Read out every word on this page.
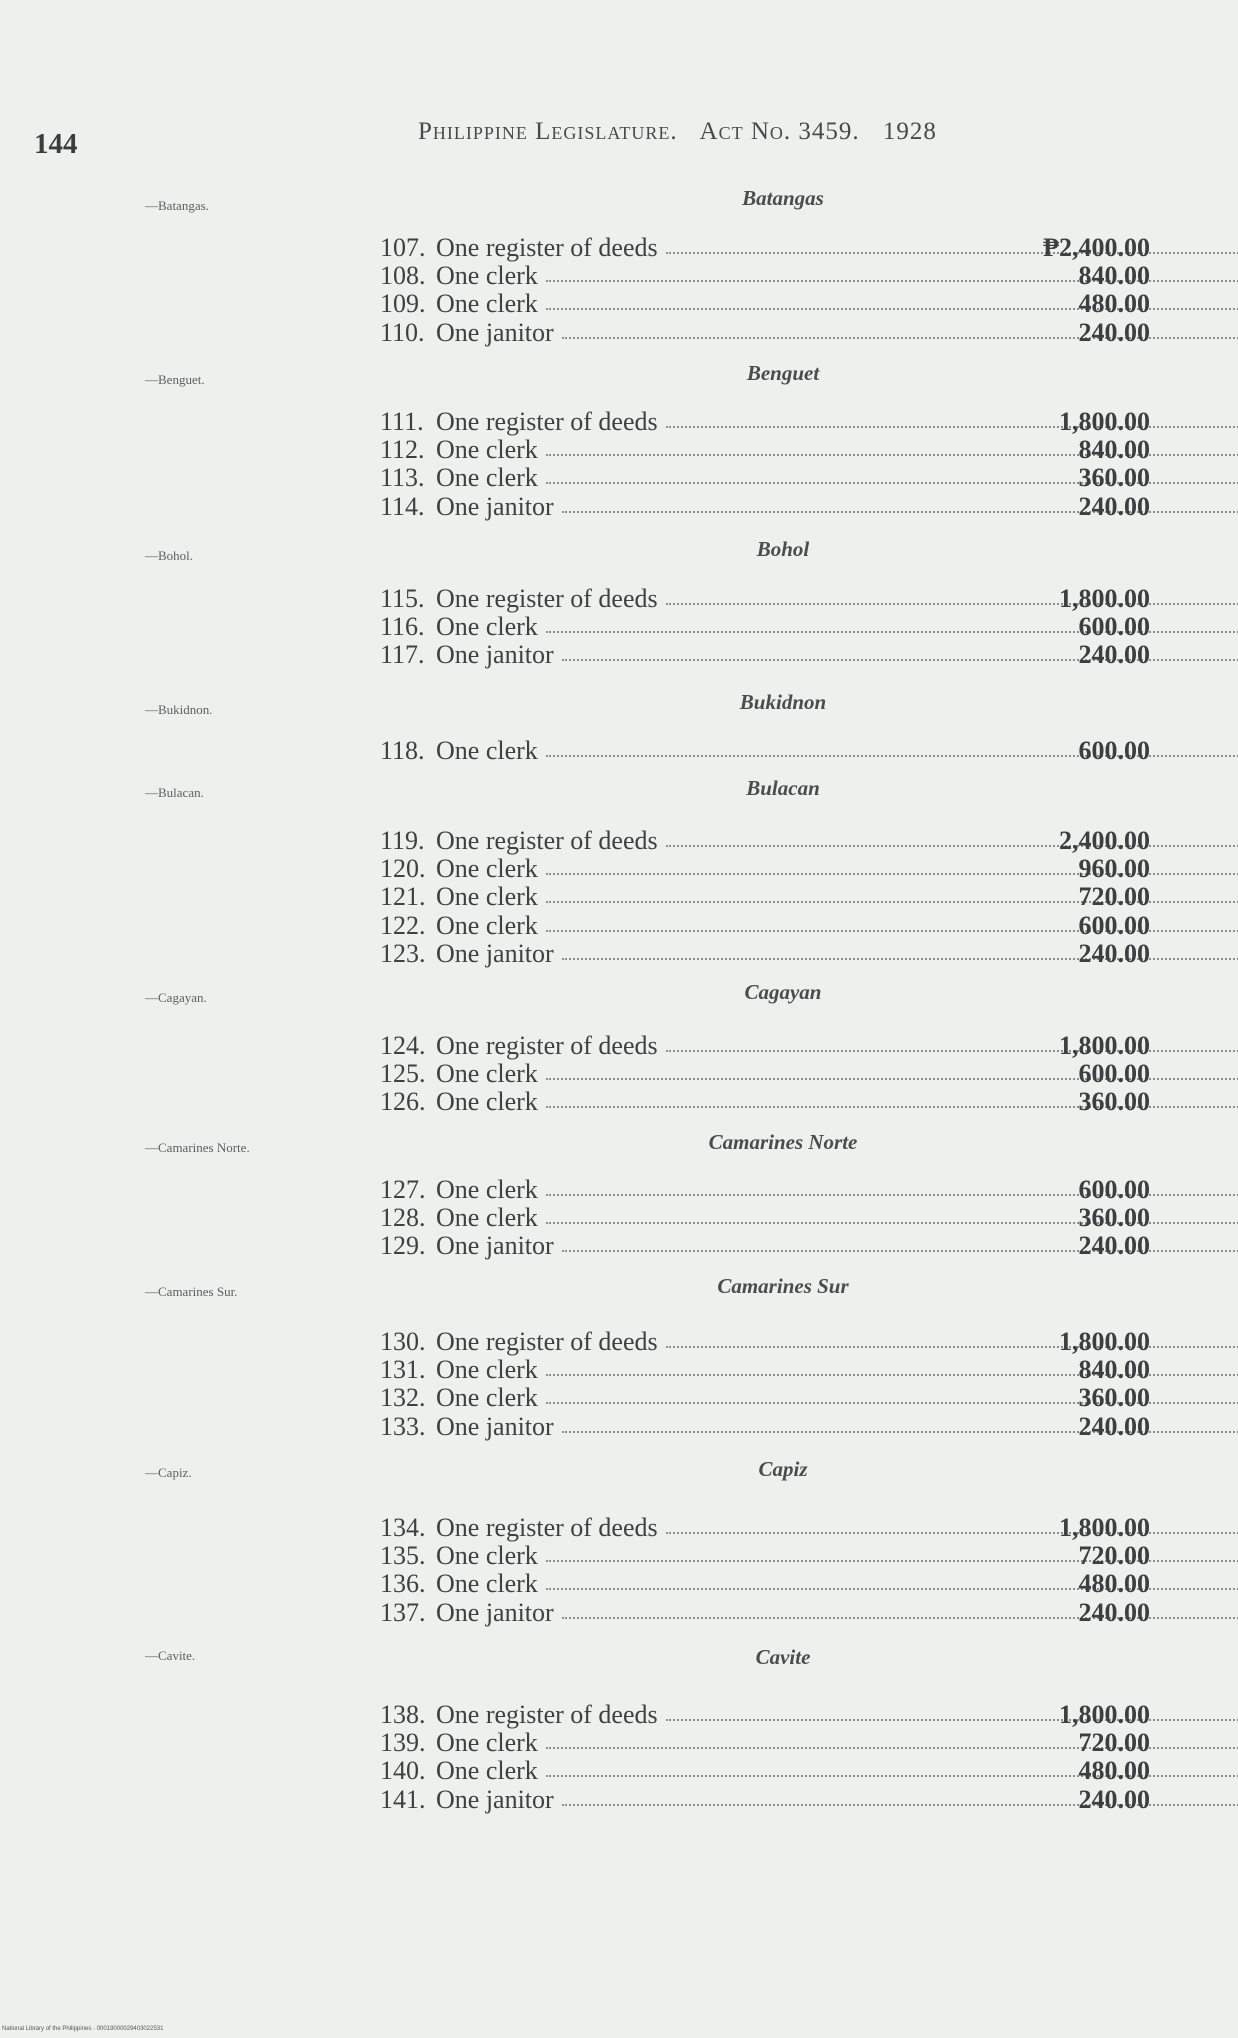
144	Philippine Legislature. Act No. 3459. 1928
—Batangas.	Batangas
107. One register of deeds	₱2,400.00
108. One clerk	840.00
109. One clerk	480.00
110. One janitor	240.00
—Benguet.	Benguet
111. One register of deeds	1,800.00
112. One clerk	840.00
113. One clerk	360.00
114. One janitor	240.00
—Bohol.	Bohol
115. One register of deeds	1,800.00
116. One clerk	600.00
117. One janitor	240.00
—Bukidnon.	Bukidnon
118. One clerk	600.00
—Bulacan.	Bulacan
119. One register of deeds	2,400.00
120. One clerk	960.00
121. One clerk	720.00
122. One clerk	600.00
123. One janitor	240.00
—Cagayan.	Cagayan
124. One register of deeds	1,800.00
125. One clerk	600.00
126. One clerk	360.00
—Camarines Norte.	Camarines Norte
127. One clerk	600.00
128. One clerk	360.00
129. One janitor	240.00
—Camarines Sur.	Camarines Sur
130. One register of deeds	1,800.00
131. One clerk	840.00
132. One clerk	360.00
133. One janitor	240.00
—Capiz.	Capiz
134. One register of deeds	1,800.00
135. One clerk	720.00
136. One clerk	480.00
137. One janitor	240.00
—Cavite.	Cavite
138. One register of deeds	1,800.00
139. One clerk	720.00
140. One clerk	480.00
141. One janitor	240.00
National Library of the Philippines · 00019000029403022531
